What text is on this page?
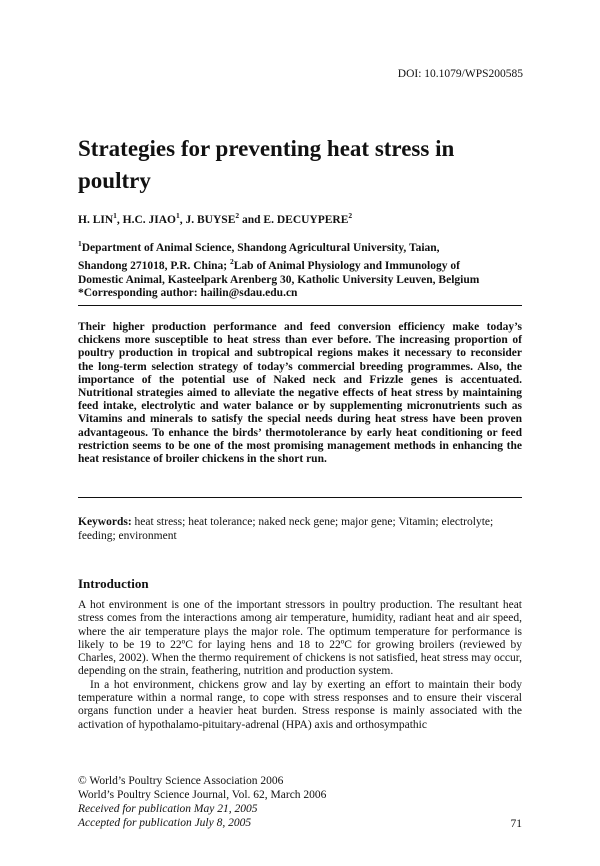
DOI: 10.1079/WPS200585
Strategies for preventing heat stress in poultry
H. LIN$^1$, H.C. JIAO$^1$, J. BUYSE$^2$ and E. DECUYPERE$^2$
$^1$Department of Animal Science, Shandong Agricultural University, Taian,
Shandong 271018, P.R. China; $^2$Lab of Animal Physiology and Immunology of
Domestic Animal, Kasteelpark Arenberg 30, Katholic University Leuven, Belgium
*Corresponding author: hailin@sdau.edu.cn
Their higher production performance and feed conversion efficiency make today’s chickens more susceptible to heat stress than ever before. The increasing proportion of poultry production in tropical and subtropical regions makes it necessary to reconsider the long-term selection strategy of today’s commercial breeding programmes. Also, the importance of the potential use of Naked neck and Frizzle genes is accentuated. Nutritional strategies aimed to alleviate the negative effects of heat stress by maintaining feed intake, electrolytic and water balance or by supplementing micronutrients such as Vitamins and minerals to satisfy the special needs during heat stress have been proven advantageous. To enhance the birds’ thermotolerance by early heat conditioning or feed restriction seems to be one of the most promising management methods in enhancing the heat resistance of broiler chickens in the short run.
Keywords: heat stress; heat tolerance; naked neck gene; major gene; Vitamin; electrolyte; feeding; environment
Introduction

A hot environment is one of the important stressors in poultry production. The resultant heat stress comes from the interactions among air temperature, humidity, radiant heat and air speed, where the air temperature plays the major role. The optimum temperature for performance is likely to be 19 to 22ºC for laying hens and 18 to 22ºC for growing broilers (reviewed by Charles, 2002). When the thermo requirement of chickens is not satisfied, heat stress may occur, depending on the strain, feathering, nutrition and production system.

In a hot environment, chickens grow and lay by exerting an effort to maintain their body temperature within a normal range, to cope with stress responses and to ensure their visceral organs function under a heavier heat burden. Stress response is mainly associated with the activation of hypothalamo-pituitary-adrenal (HPA) axis and orthosympathic

© World’s Poultry Science Association 2006
World’s Poultry Science Journal, Vol. 62, March 2006
Received for publication May 21, 2005
Accepted for publication July 8, 2005	71
